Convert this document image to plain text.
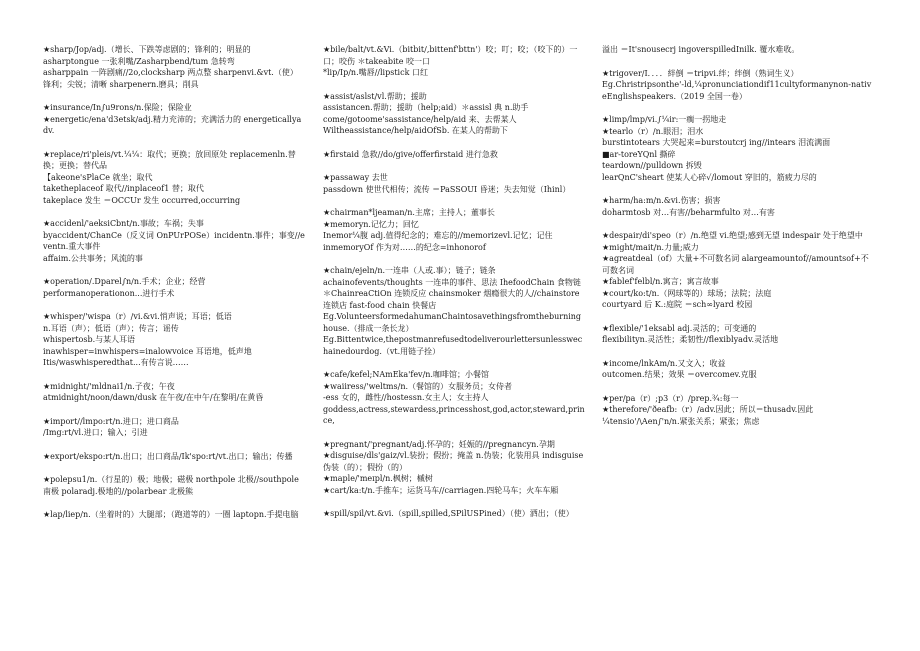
★sharp∕Jop/adj.（增长、下跌等虑剧的；锋利的；明显的
asharptongue 一张利嘴/Zasharpbend/tum 急转弯
asharppain 一阵剧痛//2o,clocksharp 两点整 sharpenvi.&vt.（使）锋利；尖锐；清晰 sharpenern.磨具；削具
★insurance/In∫u9rons∕n.保险；保险业
★energetic/ena'd3etsk/adj.精力充沛的；充满活力的 energeticallyadv.
★replace/ri'pleis/vt.¼¼：取代；更换；放回原处 replacemenln.替换；更换；替代品
【akeone'sPlaCe 就坐；取代
taketheplaceof 取代//inplaceof1 替；取代
takeplace 发生 ＝OCCUr 发生 occurred,occurring
★accidenl∕'aeksiCbnt/n.事故；车祸；失事
byaccident/ChanCe（反义词 OnPUrPOSe）incidentn.事件；事变//eventn.重大事件
affaim.公共事务；风流的事
★operation/.Dparel∫n∕n.手术；企业；经营
performanoperationon...进行手术
★whisper/'wispa（r）/vi.&vi.悄声说；耳语；低语
n.耳语（声）；低语（声）；传言；谣传
whispertosb.与某人耳语
inawhisper=inwhispers=inalowvoice 耳语地，低声地
Itis/waswhisperedthat...有传言说……
★midnight/'mldnai1/n.子夜；午夜
atmidnight/noon/dawn/dusk 在午夜/在中午/在黎明/在黄昏
★import∕∕lmpo:rt/n.进口；进口商品
/Img:rt/vl.进口；输入；引进
★export/ekspo:rt/n.出口；出口商品/Ik'spo:rt/vt.出口；输出；传播
★polepsu1/n.（行星的）极；地极；磁极 northpole 北极//southpole 南极 polaradj.极地的//polarbear 北极熊
★lap/liep/n.（坐着时的）大腿部；（跑道等的）一圈 laptopn.手提电脑
★bile∕balt/vt.&Vi.（bitbit∕,bittenf'bttn'）咬；叮；咬；（咬下的）一口；咬伤 ＊takeabite 咬一口
*lip∕Ip/n.嘴唇//lipstick 口红
★assist∕aslst/vl.帮助；援助
assistancen.帮助；援助（help;aid）＊assisl 典 n.助手
come/gotoome'sassistance/help/aid 来、去帮某人
Wiltheassistance/help/aidOfSb. 在某人的帮助下
★firstaid 急救//do/give/offerfirstaid 进行急救
★passaway 去世
passdown 使世代相传；流传 ＝PaSSOUI 昏迷；失去知觉（Ihinl）
★chairman*ljeaman/n.主席；主持人；董事长
★memoryn.记忆力；回忆
Inemor¼腹 adj.值得纪念的；难忘的//memorizevl.记忆；记住
inmemoryOf 作为对……的纪念=inhonorof
★chain/ejeln/n.一连串（人或.事）；链子；链条
achainofevents/thoughts 一连串的事件、思法 IhefoodChain 食物链＊ChainreaCtiOn 连锁反应 chainsmoker 烟瘾很大的人//chainstore 连锁店 fast-food chain 快餐店
Eg.VolunteersformedahumanChaintosavethingsfromtheburninghouse.（排成一条长龙）
Eg.Bittentwice,thepostmanrefusedtodeliverourlettersunlesswechainedourdog.（vt.用链子拴）
★cafe/kefel;NAmEka'fev/n.咖啡馆；小餐馆
★waiiress∕'weltms/n.（餐馆的）女服务员；女侍者
-ess 女的，雌性//hostessn.女主人；女主持人
goddess,actress,stewardess,princesshost,god,actor,steward,prince,
★pregnant/'pregnant/adj.怀孕的；妊娠的//pregnancyn.孕期
★disguise∕dls'gaiz/vl.装扮；假扮；掩盖 n.伪装；化装用具 indisguise 伪装（的）；假扮（的）
★maple/'meɪpl/n.枫树；槭树
★cart/ka:t/n.手推车；运货马车//carriagen.四轮马车；火车车厢
★spill/spil/vt.&vi.（spill,spilled,SPilUSPined）（使）洒出；（使）
溢出 ＝It'snousecrj ingoverspilledInilk. 覆水难收。
★trigover/I．．．．絆倒 ＝tripvi.绊；绊倒（熟词生义）
Eg.Christripsonthe'-ld,¼pronunciationdif11cultyformanynon-nativeEnglishspeakers.（2019 全国一卷）
★limp∕lmp∕vi.∫¼ir:一瘸一拐地走
★tearlo（r）/n.眼泪；泪水
burstintotears 大哭起来=burstoutcrj ing//intears 泪流满面
■ar-toreYQnl 撕碎
teardown//pulldown 拆毁
learQnC'sheart 使某人心碎√/lomout 穿旧的，筋疲力尽的
★harm/ha:m/n.&vi.伤害；损害
doharmtosb 对…有害//beharmfulto 对…有害
★despair/di'speo（r）/n.绝望 vi.绝望;感到无望 indespair 处于绝望中
★might/mait/n.力量;威力
★agreatdeal（of）大量+不可数名词 alargeamountof//amountsof+不可数名词
★fablef'felbl/n.寓言；寓言故事
★court/ko:t/n.（网球等的）球场；法院；法庭
courtyard 后 K.:庭院 ＝sch∞lyard 校园
★flexible/'1eksabl adj.灵活的；可变通的
flexibilityn.灵活性；柔韧性//flexiblyadv.灵活地
★income/lnkAm/n.又文入；收益
outcomen.结果；效果 ＝overcomev.克服
★per/pa（r）;p3（r）/prep.¾:每一
★therefore/'ðeafb:（r）/adv.因此；所以＝thusadv.因此
¼tensio'∕\Aen∫'n/n.紧张关系；紧张；焦虑
